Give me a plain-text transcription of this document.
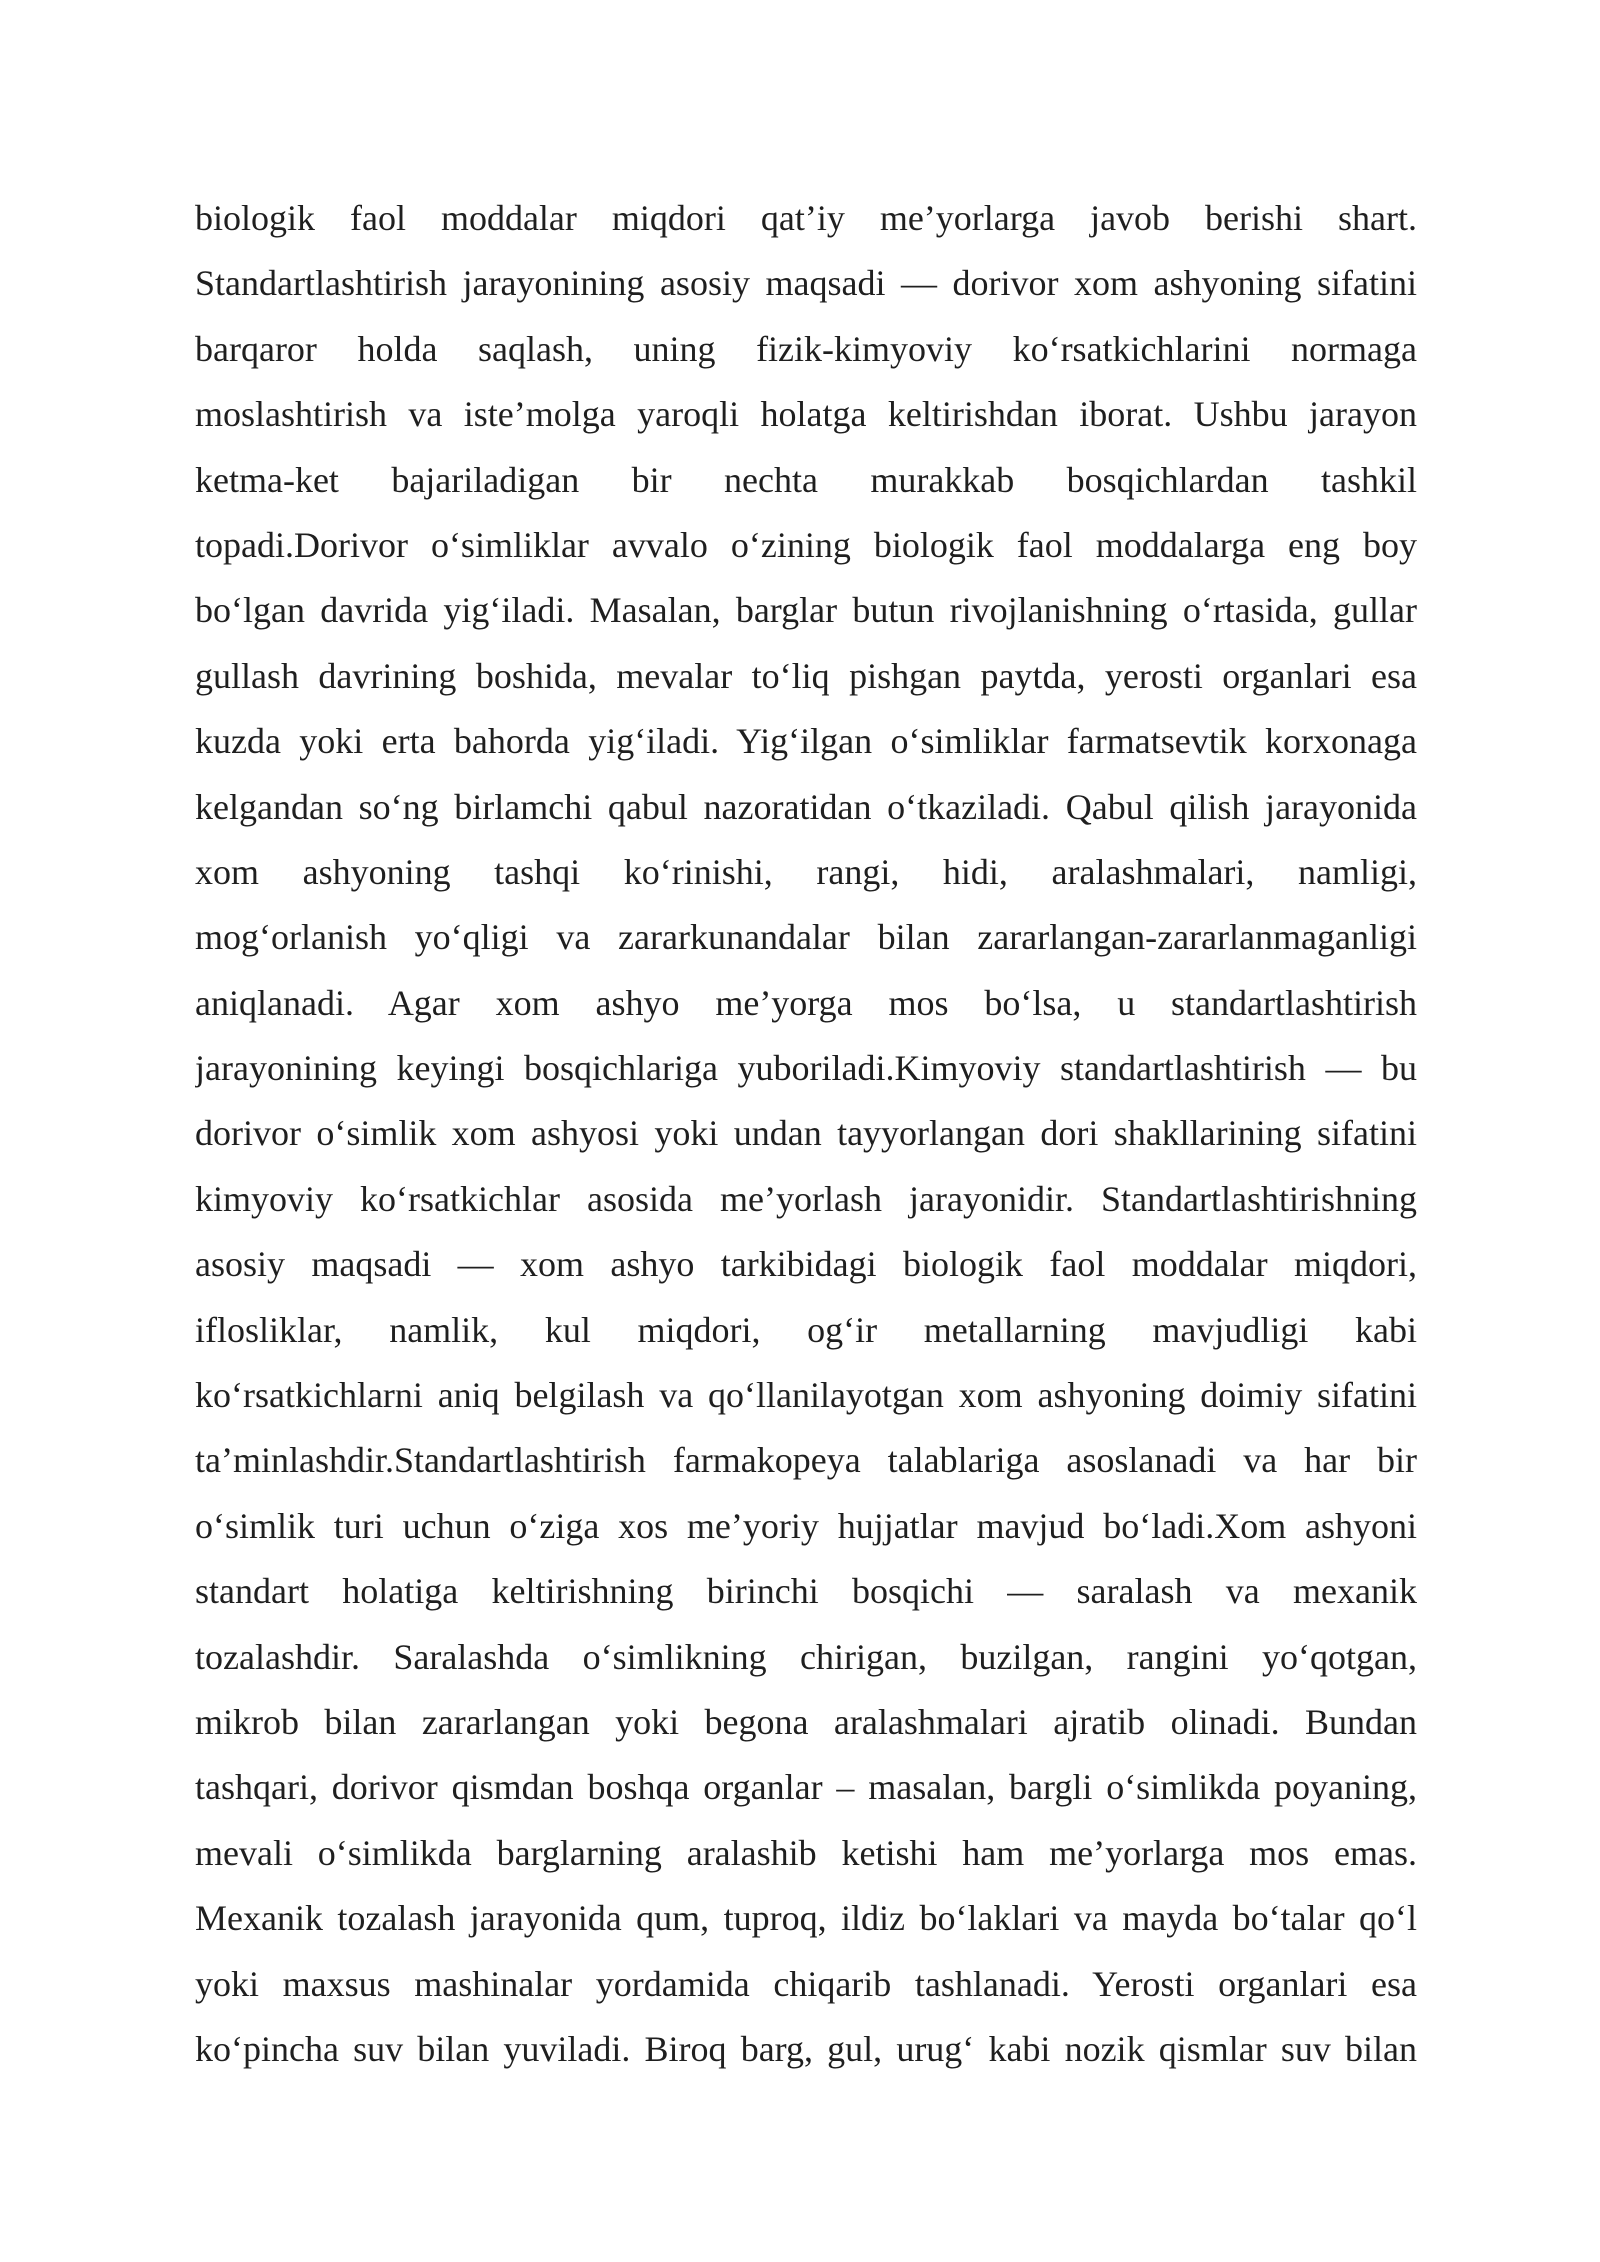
biologik faol moddalar miqdori qat’iy me’yorlarga javob berishi shart.
Standartlashtirish jarayonining asosiy maqsadi — dorivor xom ashyoning sifatini
barqaror holda saqlash, uning fizik-kimyoviy koʻrsatkichlarini normaga
moslashtirish va iste’molga yaroqli holatga keltirishdan iborat. Ushbu jarayon
ketma-ket bajariladigan bir nechta murakkab bosqichlardan tashkil
topadi.Dorivor oʻsimliklar avvalo oʻzining biologik faol moddalarga eng boy
boʻlgan davrida yigʻiladi. Masalan, barglar butun rivojlanishning oʻrtasida, gullar
gullash davrining boshida, mevalar toʻliq pishgan paytda, yerosti organlari esa
kuzda yoki erta bahorda yigʻiladi. Yigʻilgan oʻsimliklar farmatsevtik korxonaga
kelgandan soʻng birlamchi qabul nazoratidan oʻtkaziladi. Qabul qilish jarayonida
xom ashyoning tashqi koʻrinishi, rangi, hidi, aralashmalari, namligi,
mogʻorlanish yoʻqligi va zararkunandalar bilan zararlangan-zararlanmaganligi
aniqlanadi. Agar xom ashyo me’yorga mos boʻlsa, u standartlashtirish
jarayonining keyingi bosqichlariga yuboriladi.Kimyoviy standartlashtirish — bu
dorivor oʻsimlik xom ashyosi yoki undan tayyorlangan dori shakllarining sifatini
kimyoviy koʻrsatkichlar asosida me’yorlash jarayonidir. Standartlashtirishning
asosiy maqsadi — xom ashyo tarkibidagi biologik faol moddalar miqdori,
iflosliklar, namlik, kul miqdori, ogʻir metallarning mavjudligi kabi
koʻrsatkichlarni aniq belgilash va qoʻllanilayotgan xom ashyoning doimiy sifatini
ta’minlashdir.Standartlashtirish farmakopeya talablariga asoslanadi va har bir
oʻsimlik turi uchun oʻziga xos me’yoriy hujjatlar mavjud boʻladi.Xom ashyoni
standart holatiga keltirishning birinchi bosqichi — saralash va mexanik
tozalashdir. Saralashda oʻsimlikning chirigan, buzilgan, rangini yoʻqotgan,
mikrob bilan zararlangan yoki begona aralashmalari ajratib olinadi. Bundan
tashqari, dorivor qismdan boshqa organlar – masalan, bargli oʻsimlikda poyaning,
mevali oʻsimlikda barglarning aralashib ketishi ham me’yorlarga mos emas.
Mexanik tozalash jarayonida qum, tuproq, ildiz boʻlaklari va mayda boʻtalar qoʻl
yoki maxsus mashinalar yordamida chiqarib tashlanadi. Yerosti organlari esa
koʻpincha suv bilan yuviladi. Biroq barg, gul, urugʻ kabi nozik qismlar suv bilan
